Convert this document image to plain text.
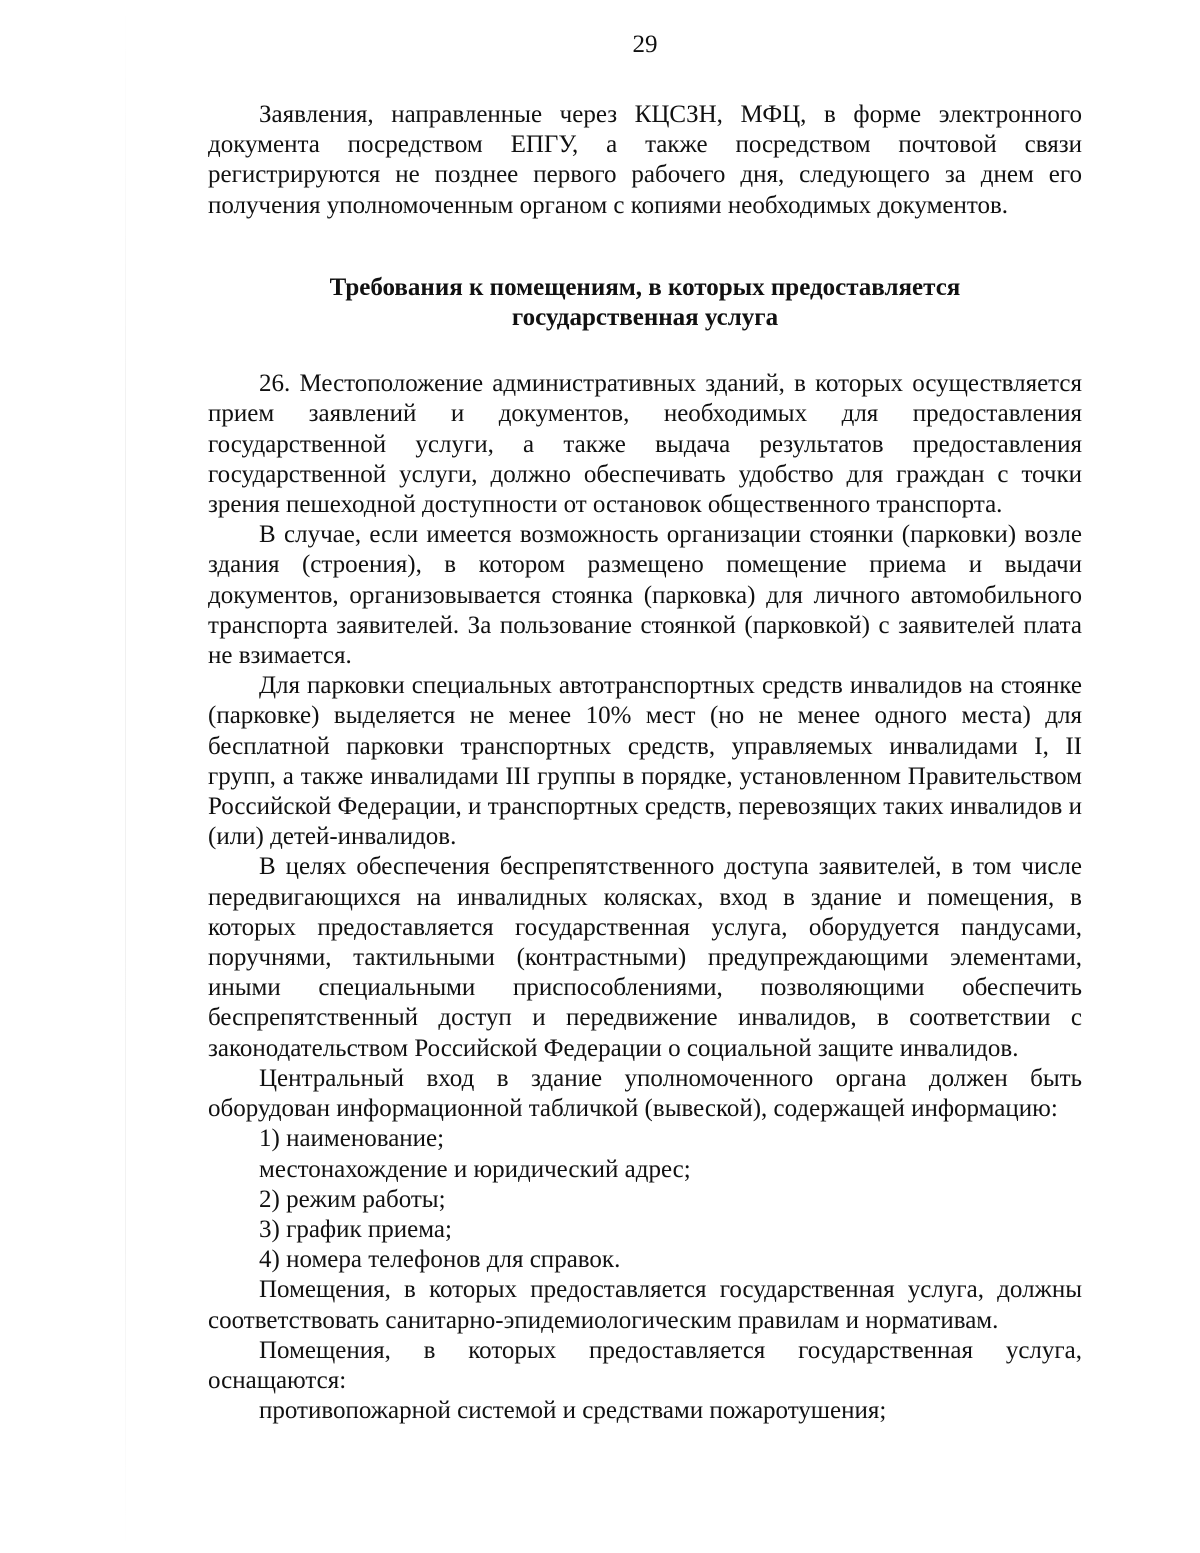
29

Заявления, направленные через КЦСЗН, МФЦ, в форме электронного документа посредством ЕПГУ, а также посредством почтовой связи регистрируются не позднее первого рабочего дня, следующего за днем его получения уполномоченным органом с копиями необходимых документов.

Требования к помещениям, в которых предоставляется

государственная услуга

26. Местоположение административных зданий, в которых осуществляется прием заявлений и документов, необходимых для предоставления государственной услуги, а также выдача результатов предоставления государственной услуги, должно обеспечивать удобство для граждан с точки зрения пешеходной доступности от остановок общественного транспорта.

В случае, если имеется возможность организации стоянки (парковки) возле здания (строения), в котором размещено помещение приема и выдачи документов, организовывается стоянка (парковка) для личного автомобильного транспорта заявителей. За пользование стоянкой (парковкой) с заявителей плата не взимается.

Для парковки специальных автотранспортных средств инвалидов на стоянке (парковке) выделяется не менее 10% мест (но не менее одного места) для бесплатной парковки транспортных средств, управляемых инвалидами I, II групп, а также инвалидами III группы в порядке, установленном Правительством Российской Федерации, и транспортных средств, перевозящих таких инвалидов и (или) детей-инвалидов.

В целях обеспечения беспрепятственного доступа заявителей, в том числе передвигающихся на инвалидных колясках, вход в здание и помещения, в которых предоставляется государственная услуга, оборудуется пандусами, поручнями, тактильными (контрастными) предупреждающими элементами, иными специальными приспособлениями, позволяющими обеспечить беспрепятственный доступ и передвижение инвалидов, в соответствии с законодательством Российской Федерации о социальной защите инвалидов.

Центральный вход в здание уполномоченного органа должен быть оборудован информационной табличкой (вывеской), содержащей информацию:

1) наименование;

местонахождение и юридический адрес;

2) режим работы;

3) график приема;

4) номера телефонов для справок.

Помещения, в которых предоставляется государственная услуга, должны соответствовать санитарно-эпидемиологическим правилам и нормативам.

Помещения, в которых предоставляется государственная услуга, оснащаются:

противопожарной системой и средствами пожаротушения;
